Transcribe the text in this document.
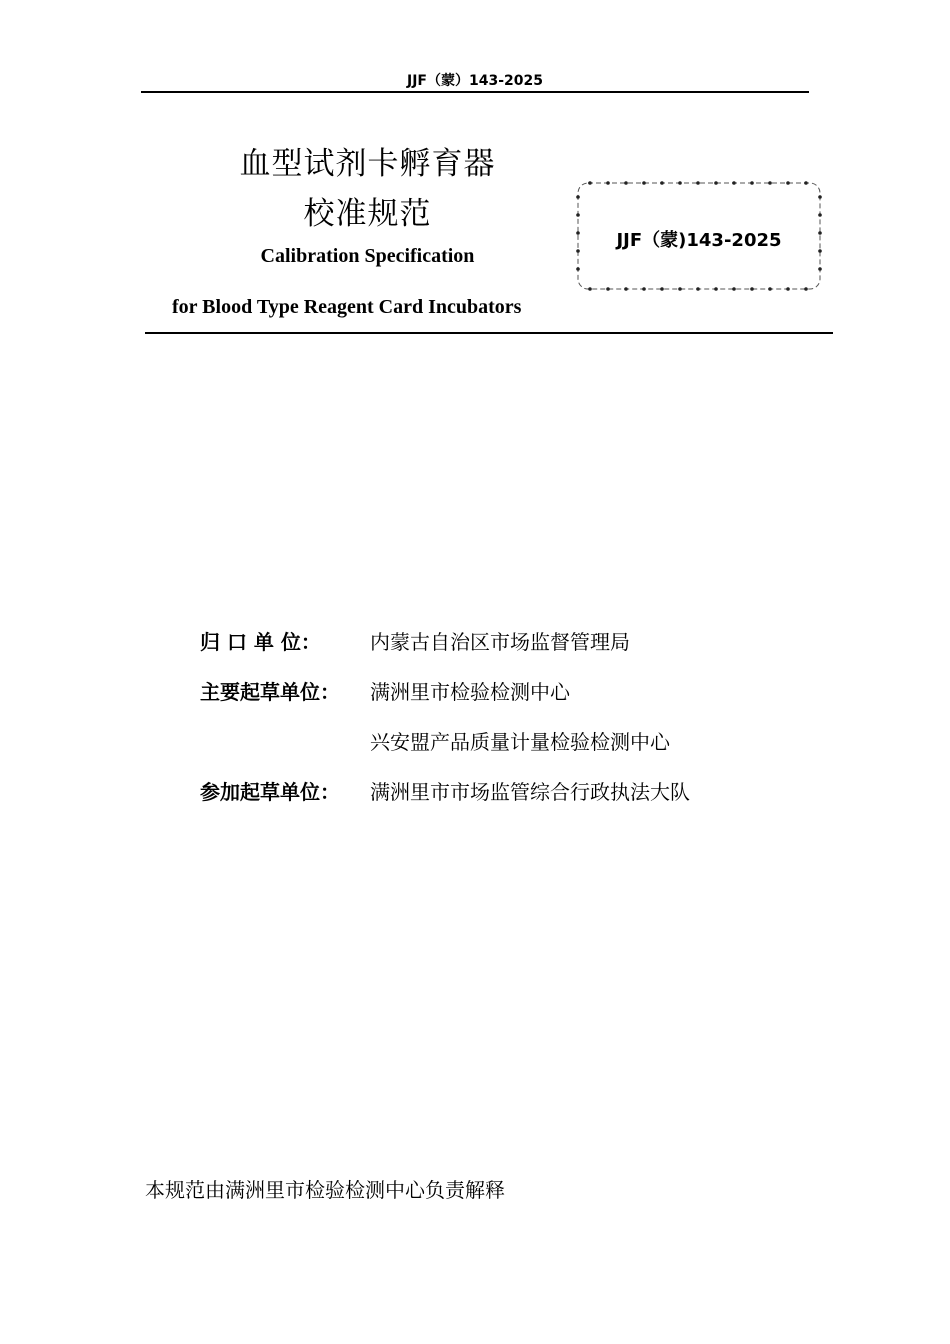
JJF（蒙）143-2025
血型试剂卡孵育器
校准规范
Calibration Specification
for Blood Type Reagent Card Incubators
JJF（蒙)143-2025
归 口 单 位： 内蒙古自治区市场监督管理局
主要起草单位： 满洲里市检验检测中心
兴安盟产品质量计量检验检测中心
参加起草单位： 满洲里市市场监管综合行政执法大队
本规范由满洲里市检验检测中心负责解释
